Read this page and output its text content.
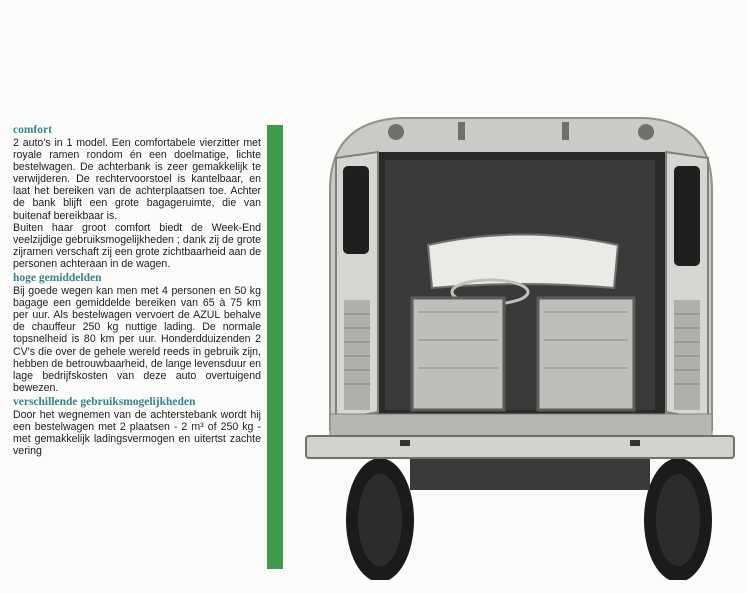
comfort

2 auto's in 1 model. Een comfortabele vierzitter met royale ramen rondom én een doelmatige, lichte bestelwagen. De achterbank is zeer gemakkelijk te verwijderen. De rechtervoorstoel is kantelbaar, en laat het bereiken van de achterplaatsen toe. Achter de bank blijft een grote bagageruimte, die van buitenaf bereikbaar is.

Buiten haar groot comfort biedt de Week-End veelzijdige gebruiksmogelijkheden ; dank zij de grote zijramen verschaft zij een grote zichtbaarheid aan de personen achteraan in de wagen.

hoge gemiddelden

Bij goede wegen kan men met 4 personen en 50 kg bagage een gemiddelde bereiken van 65 à 75 km per uur. Als bestelwagen vervoert de AZUL behalve de chauffeur 250 kg nuttige lading. De normale topsnelheid is 80 km per uur. Honderdduizenden 2 CV's die over de gehele wereld reeds in gebruik zijn, hebben de betrouwbaarheid, de lange levensduur en lage bedrijfskosten van deze auto overtuigend bewezen.

verschillende gebruiksmogelijkheden

Door het wegnemen van de achterstebank wordt hij een bestelwagen met 2 plaatsen - 2 m³ of 250 kg - met gemakkelijk ladingsvermogen en uitertst zachte vering
